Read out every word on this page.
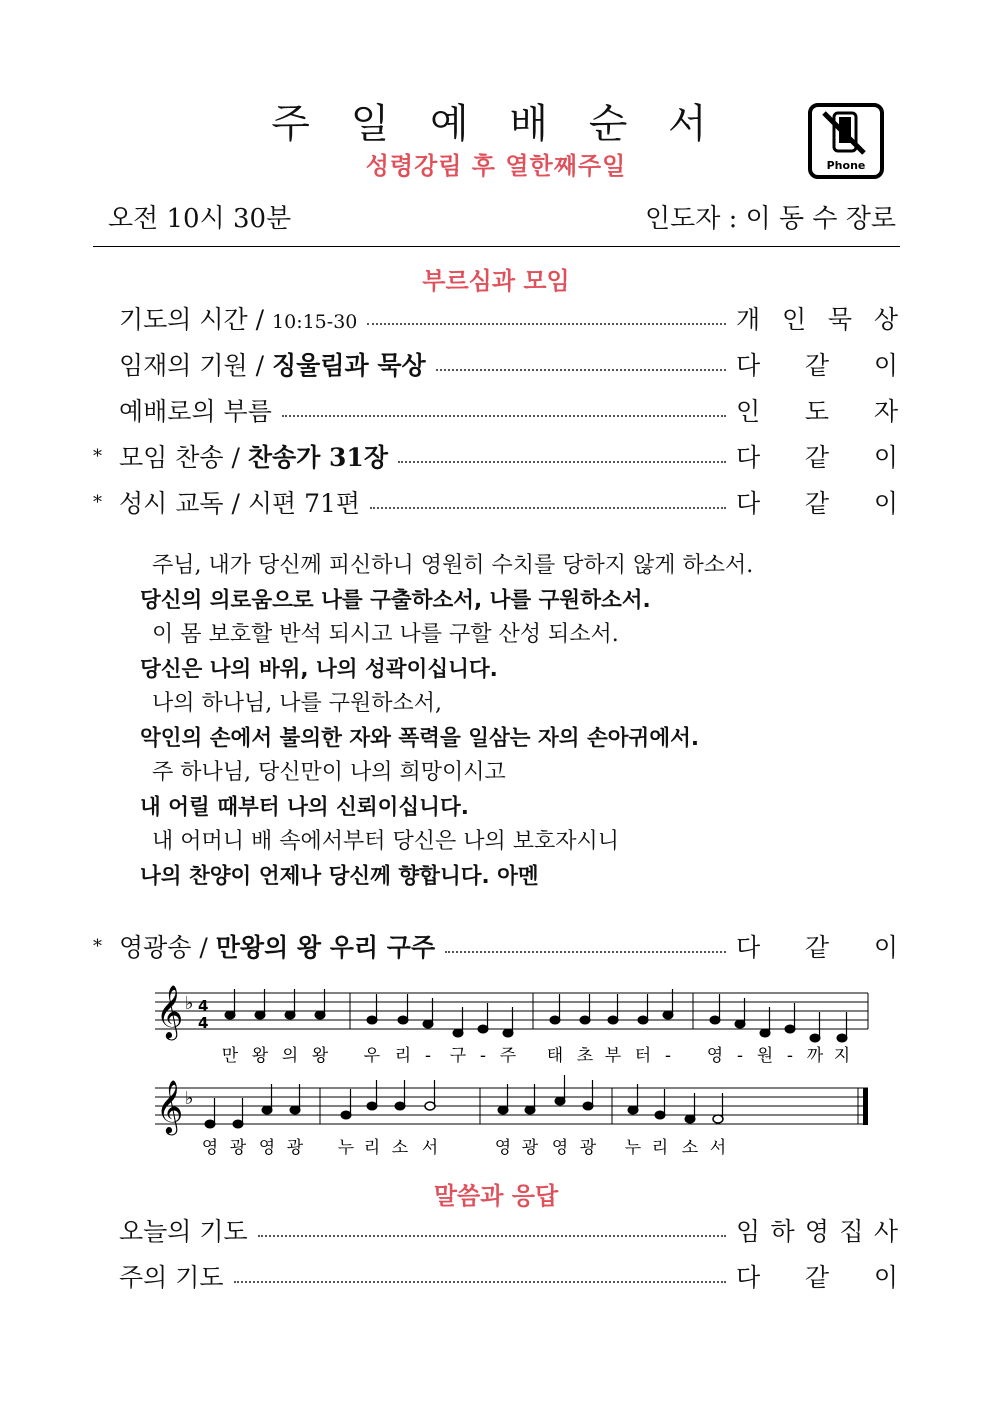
주 일 예 배 순 서
성령강림 후 열한째주일	Phone
오전 10시 30분	인도자 : 이 동 수 장로
부르심과 모임
기도의 시간 / 10:15-30	개 인 묵 상
임재의 기원 / 징울림과 묵상	다 같 이
예배로의 부름	인 도 자
* 모임 찬송 / 찬송가 31장	다 같 이
* 성시 교독 / 시편 71편	다 같 이
주님, 내가 당신께 피신하니 영원히 수치를 당하지 않게 하소서.
당신의 의로움으로 나를 구출하소서, 나를 구원하소서.
이 몸 보호할 반석 되시고 나를 구할 산성 되소서.
당신은 나의 바위, 나의 성곽이십니다.
나의 하나님, 나를 구원하소서,
악인의 손에서 불의한 자와 폭력을 일삼는 자의 손아귀에서.
주 하나님, 당신만이 나의 희망이시고
내 어릴 때부터 나의 신뢰이십니다.
내 어머니 배 속에서부터 당신은 나의 보호자시니
나의 찬양이 언제나 당신께 향합니다. 아멘
* 영광송 / 만왕의 왕 우리 구주	다 같 이
𝄞
𝄞
♭
♭
4
4
만 왕 의 왕 우 리 - 구 - 주 태 초 부 터 - 영 - 원 - 까 지
영 광 영 광 누 리 소 서	영 광 영 광 누 리 소 서
말씀과 응답
오늘의 기도	임 하 영 집 사
주의 기도	다 같 이
